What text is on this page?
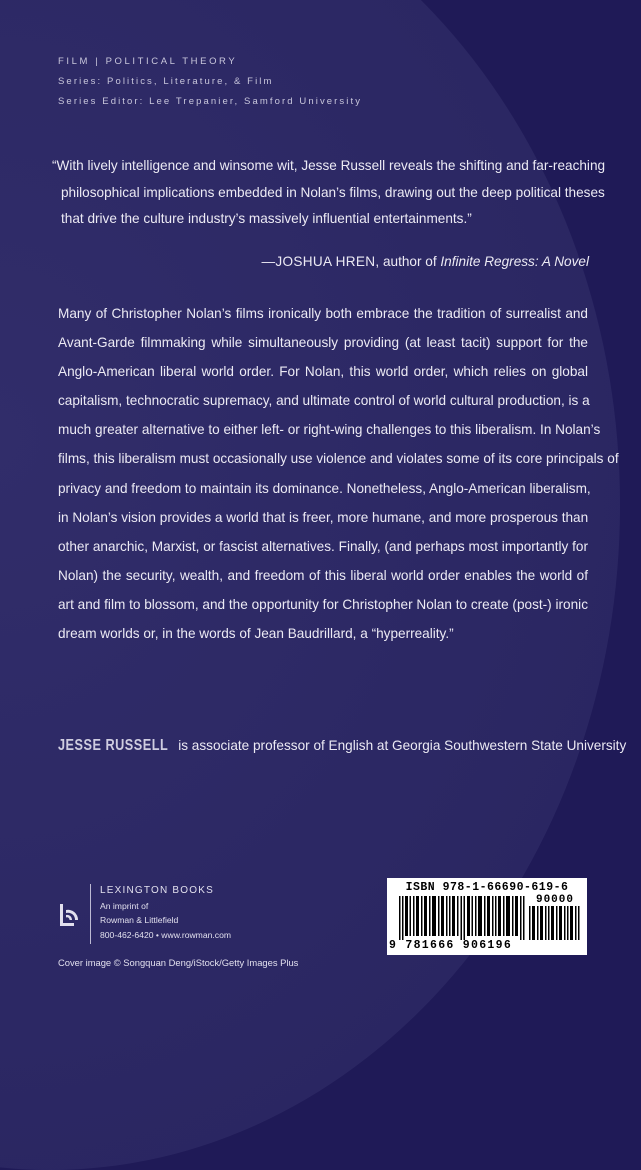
FILM | POLITICAL THEORY
Series: Politics, Literature, & Film
Series Editor: Lee Trepanier, Samford University
“With lively intelligence and winsome wit, Jesse Russell reveals the shifting and far-reaching
philosophical implications embedded in Nolan’s films, drawing out the deep political theses
that drive the culture industry’s massively influential entertainments.”
—JOSHUA HREN, author of Infinite Regress: A Novel
Many of Christopher Nolan’s films ironically both embrace the tradition of surrealist and
Avant-Garde filmmaking while simultaneously providing (at least tacit) support for the
Anglo-American liberal world order. For Nolan, this world order, which relies on global
capitalism, technocratic supremacy, and ultimate control of world cultural production, is a
much greater alternative to either left- or right-wing challenges to this liberalism. In Nolan’s
films, this liberalism must occasionally use violence and violates some of its core principals of
privacy and freedom to maintain its dominance. Nonetheless, Anglo-American liberalism,
in Nolan’s vision provides a world that is freer, more humane, and more prosperous than
other anarchic, Marxist, or fascist alternatives. Finally, (and perhaps most importantly for
Nolan) the security, wealth, and freedom of this liberal world order enables the world of
art and film to blossom, and the opportunity for Christopher Nolan to create (post-) ironic
dream worlds or, in the words of Jean Baudrillard, a “hyperreality.”
JESSE RUSSELL is associate professor of English at Georgia Southwestern State University
LEXINGTON BOOKS
An imprint of
Rowman & Littlefield
800-462-6420 • www.rowman.com
Cover image © Songquan Deng/iStock/Getty Images Plus
ISBN 978-1-66690-619-6
90000
9 781666 906196
